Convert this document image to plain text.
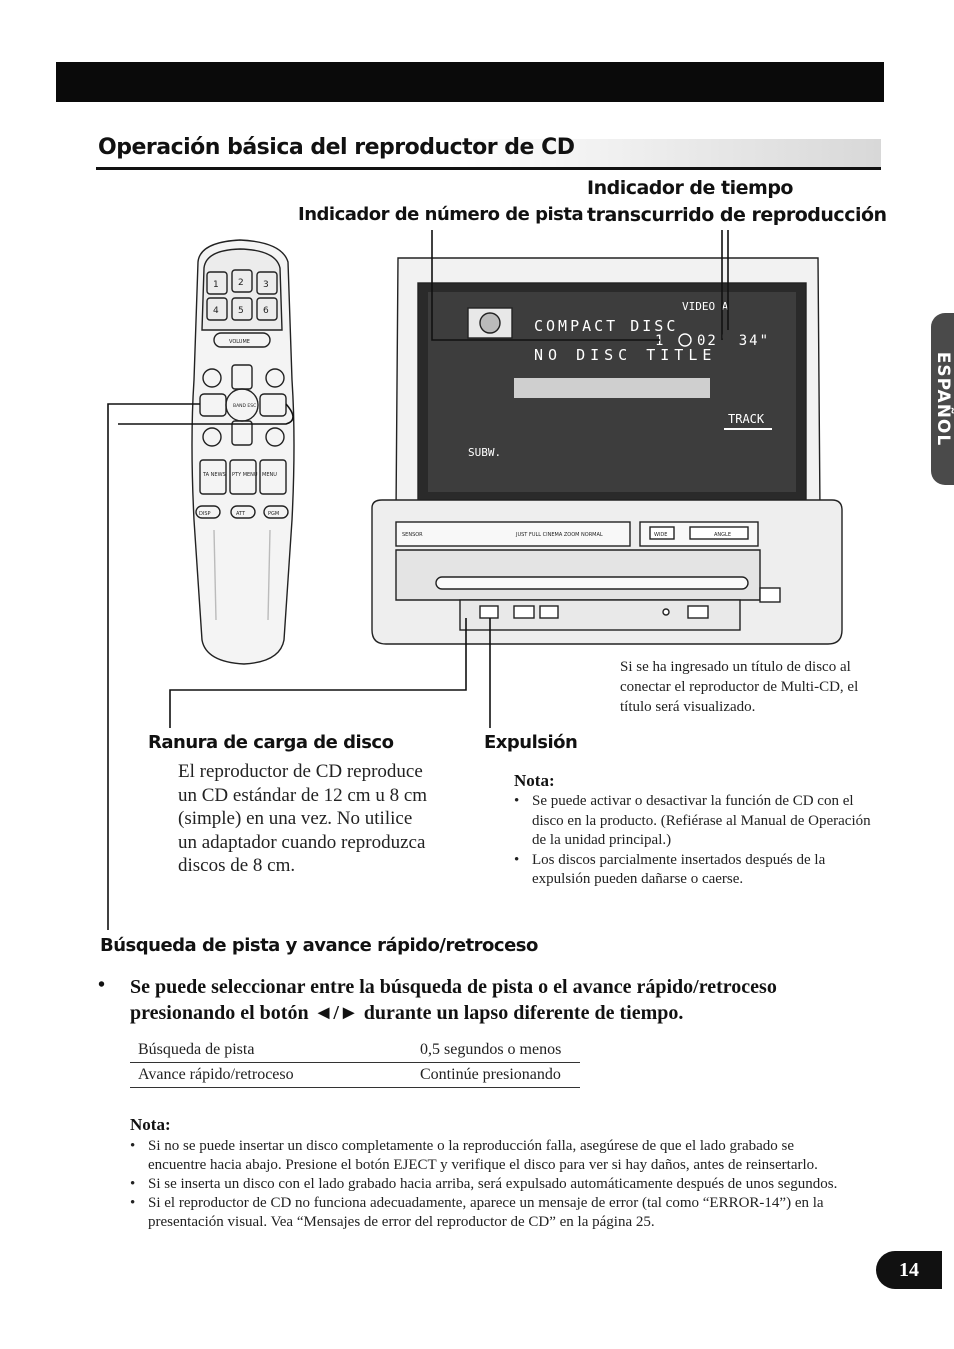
Operación básica del reproductor de CD
Indicador de número de pista
Indicador de tiempo
transcurrido de reproducción
1 2 3
4 5 6
VOLUME
BAND ESC
TA NEWS PTY MENU MENU
DISP	ATT	PGM
VIDEO A
COMPACT DISC
1 02' 34"
NO DISC TITLE
TRACK
SUBW.
SENSOR	JUST FULL CINEMA ZOOM NORMAL	WIDE	ANGLE
Si se ha ingresado un título de disco al conectar el reproductor de Multi-CD, el título será visualizado.
Ranura de carga de disco
El reproductor de CD reproduce
un CD estándar de 12 cm u 8 cm
(simple) en una vez. No utilice
un adaptador cuando reproduzca
discos de 8 cm.
Expulsión
Nota:
• Se puede activar o desactivar la función de CD con el disco en la producto. (Refiérase al Manual de Operación de la unidad principal.)
• Los discos parcialmente insertados después de la expulsión pueden dañarse o caerse.
Búsqueda de pista y avance rápido/retroceso
• Se puede seleccionar entre la búsqueda de pista o el avance rápido/retroceso
presionando el botón ◄/► durante un lapso diferente de tiempo.
Búsqueda de pista	0,5 segundos o menos
Avance rápido/retroceso	Continúe presionando
Nota:
• Si no se puede insertar un disco completamente o la reproducción falla, asegúrese de que el lado grabado se encuentre hacia abajo. Presione el botón EJECT y verifique el disco para ver si hay daños, antes de reinsertarlo.
• Si se inserta un disco con el lado grabado hacia arriba, será expulsado automáticamente después de unos segundos.
• Si el reproductor de CD no funciona adecuadamente, aparece un mensaje de error (tal como “ERROR-14”) en la presentación visual. Vea “Mensajes de error del reproductor de CD” en la página 25.
ESPAÑOL
14
